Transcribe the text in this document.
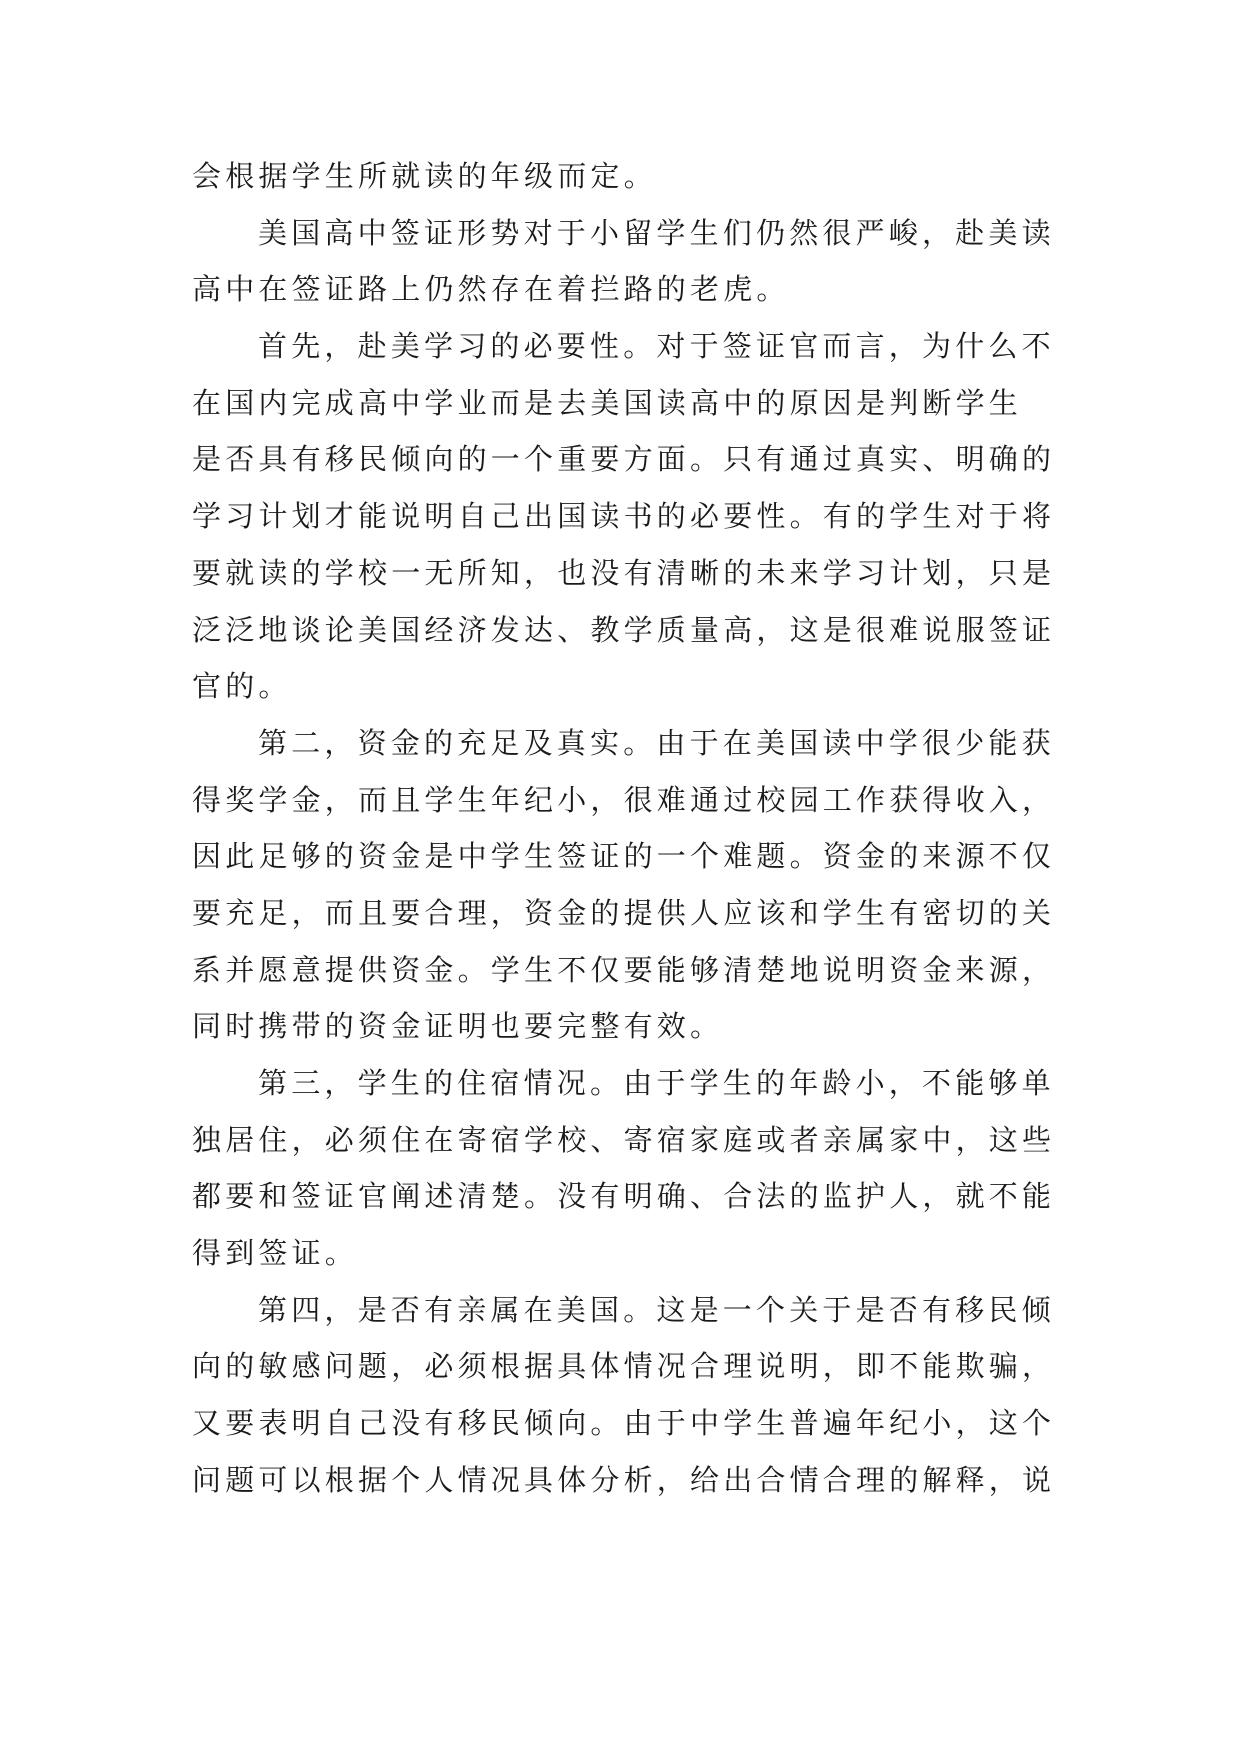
会根据学生所就读的年级而定。
美国高中签证形势对于小留学生们仍然很严峻，赴美读
高中在签证路上仍然存在着拦路的老虎。
首先，赴美学习的必要性。对于签证官而言，为什么不
在国内完成高中学业而是去美国读高中的原因是判断学生
是否具有移民倾向的一个重要方面。只有通过真实、明确的
学习计划才能说明自己出国读书的必要性。有的学生对于将
要就读的学校一无所知，也没有清晰的未来学习计划，只是
泛泛地谈论美国经济发达、教学质量高，这是很难说服签证
官的。
第二，资金的充足及真实。由于在美国读中学很少能获
得奖学金，而且学生年纪小，很难通过校园工作获得收入，
因此足够的资金是中学生签证的一个难题。资金的来源不仅
要充足，而且要合理，资金的提供人应该和学生有密切的关
系并愿意提供资金。学生不仅要能够清楚地说明资金来源，
同时携带的资金证明也要完整有效。
第三，学生的住宿情况。由于学生的年龄小，不能够单
独居住，必须住在寄宿学校、寄宿家庭或者亲属家中，这些
都要和签证官阐述清楚。没有明确、合法的监护人，就不能
得到签证。
第四，是否有亲属在美国。这是一个关于是否有移民倾
向的敏感问题，必须根据具体情况合理说明，即不能欺骗，
又要表明自己没有移民倾向。由于中学生普遍年纪小，这个
问题可以根据个人情况具体分析，给出合情合理的解释，说
